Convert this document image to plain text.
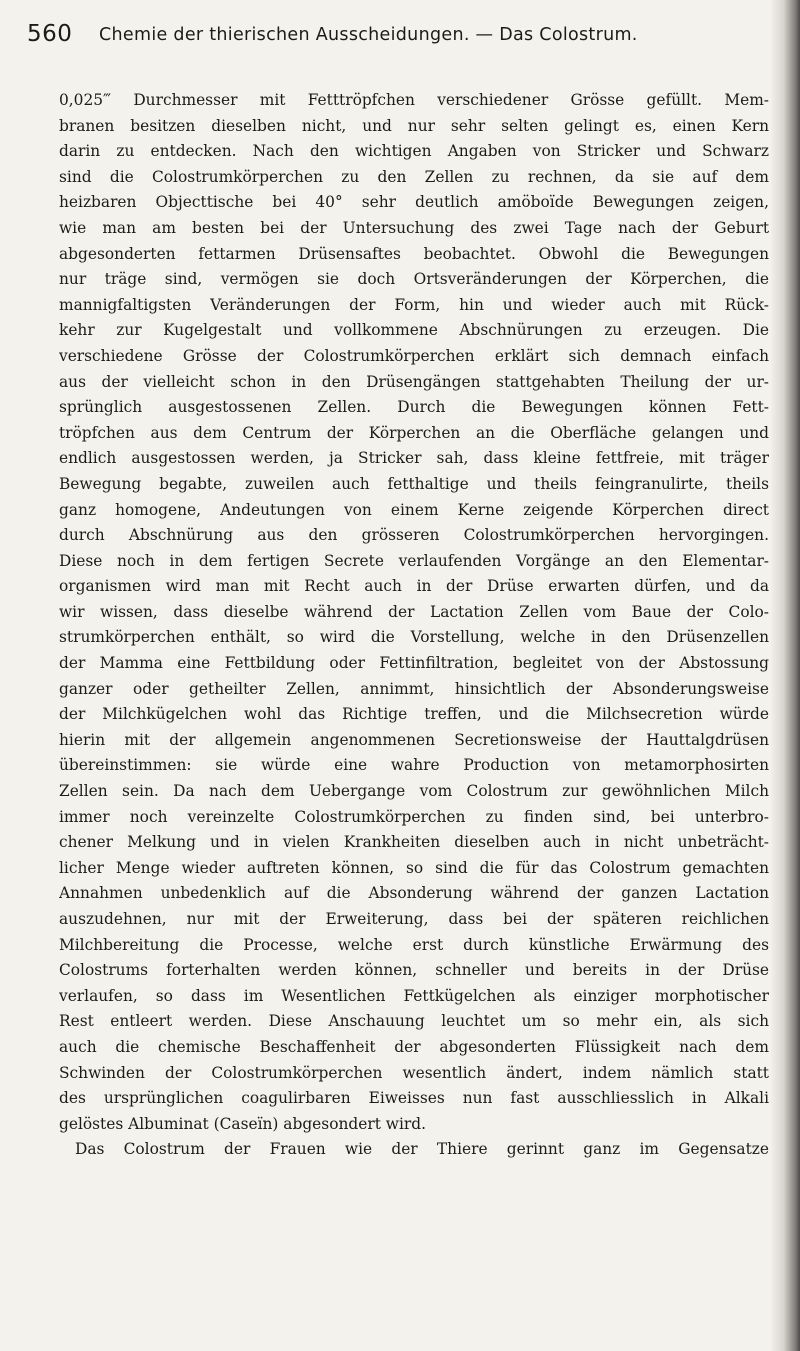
560 Chemie der thierischen Ausscheidungen. — Das Colostrum.
0,025‴ Durchmesser mit Fetttröpfchen verschiedener Grösse gefüllt. Mem-
branen besitzen dieselben nicht, und nur sehr selten gelingt es, einen Kern
darin zu entdecken. Nach den wichtigen Angaben von Stricker und Schwarz
sind die Colostrumkörperchen zu den Zellen zu rechnen, da sie auf dem
heizbaren Objecttische bei 40° sehr deutlich amöboïde Bewegungen zeigen,
wie man am besten bei der Untersuchung des zwei Tage nach der Geburt
abgesonderten fettarmen Drüsensaftes beobachtet. Obwohl die Bewegungen
nur träge sind, vermögen sie doch Ortsveränderungen der Körperchen, die
mannigfaltigsten Veränderungen der Form, hin und wieder auch mit Rück-
kehr zur Kugelgestalt und vollkommene Abschnürungen zu erzeugen. Die
verschiedene Grösse der Colostrumkörperchen erklärt sich demnach einfach
aus der vielleicht schon in den Drüsengängen stattgehabten Theilung der ur-
sprünglich ausgestossenen Zellen. Durch die Bewegungen können Fett-
tröpfchen aus dem Centrum der Körperchen an die Oberfläche gelangen und
endlich ausgestossen werden, ja Stricker sah, dass kleine fettfreie, mit träger
Bewegung begabte, zuweilen auch fetthaltige und theils feingranulirte, theils
ganz homogene, Andeutungen von einem Kerne zeigende Körperchen direct
durch Abschnürung aus den grösseren Colostrumkörperchen hervorgingen.
Diese noch in dem fertigen Secrete verlaufenden Vorgänge an den Elementar-
organismen wird man mit Recht auch in der Drüse erwarten dürfen, und da
wir wissen, dass dieselbe während der Lactation Zellen vom Baue der Colo-
strumkörperchen enthält, so wird die Vorstellung, welche in den Drüsenzellen
der Mamma eine Fettbildung oder Fettinfiltration, begleitet von der Abstossung
ganzer oder getheilter Zellen, annimmt, hinsichtlich der Absonderungsweise
der Milchkügelchen wohl das Richtige treffen, und die Milchsecretion würde
hierin mit der allgemein angenommenen Secretionsweise der Hauttalgdrüsen
übereinstimmen: sie würde eine wahre Production von metamorphosirten
Zellen sein. Da nach dem Uebergange vom Colostrum zur gewöhnlichen Milch
immer noch vereinzelte Colostrumkörperchen zu finden sind, bei unterbro-
chener Melkung und in vielen Krankheiten dieselben auch in nicht unbeträcht-
licher Menge wieder auftreten können, so sind die für das Colostrum gemachten
Annahmen unbedenklich auf die Absonderung während der ganzen Lactation
auszudehnen, nur mit der Erweiterung, dass bei der späteren reichlichen
Milchbereitung die Processe, welche erst durch künstliche Erwärmung des
Colostrums forterhalten werden können, schneller und bereits in der Drüse
verlaufen, so dass im Wesentlichen Fettkügelchen als einziger morphotischer
Rest entleert werden. Diese Anschauung leuchtet um so mehr ein, als sich
auch die chemische Beschaffenheit der abgesonderten Flüssigkeit nach dem
Schwinden der Colostrumkörperchen wesentlich ändert, indem nämlich statt
des ursprünglichen coagulirbaren Eiweisses nun fast ausschliesslich in Alkali
gelöstes Albuminat (Caseïn) abgesondert wird.
Das Colostrum der Frauen wie der Thiere gerinnt ganz im Gegensatze
